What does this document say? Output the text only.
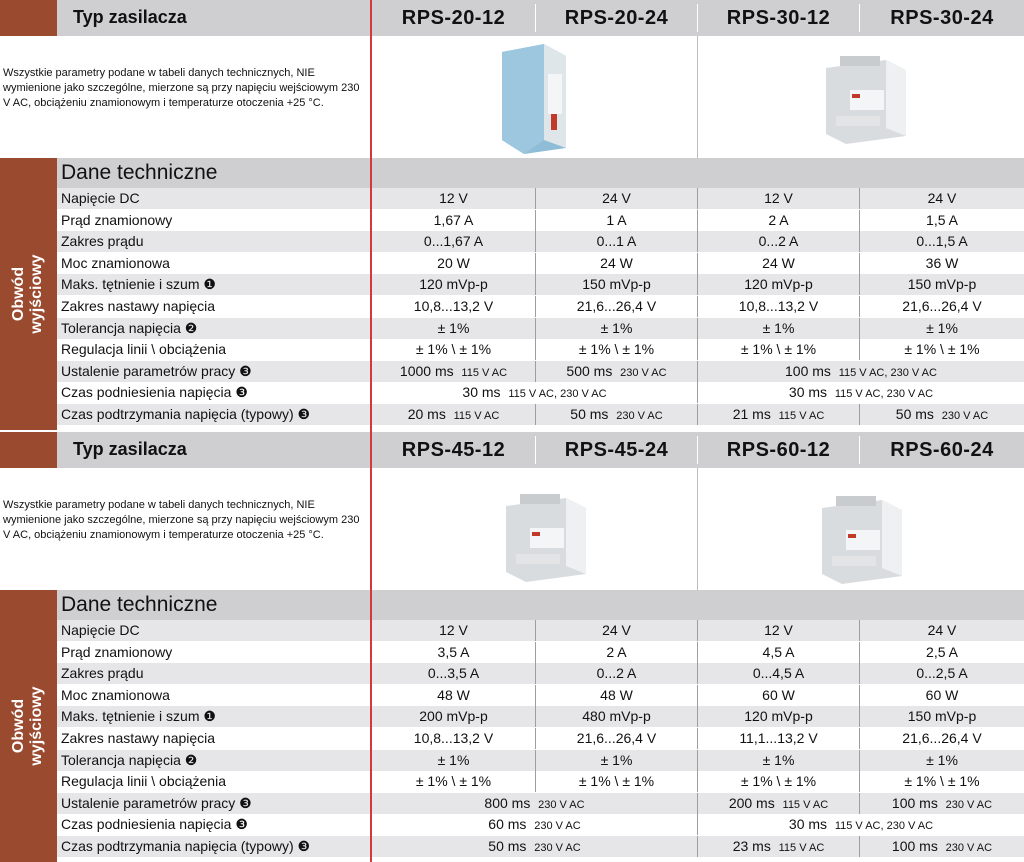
Typ zasilacza	RPS-20-12	RPS-20-24	RPS-30-12	RPS-30-24
Wszystkie parametry podane w tabeli danych technicznych, NIE wymienione jako szczególne, mierzone są przy napięciu wejściowym 230 V AC, obciążeniu znamionowym i temperaturze otoczenia +25 °C.
Obwód wyjściowy
Dane techniczne
Napięcie DC	12 V	24 V	12 V	24 V
Prąd znamionowy	1,67 A	1 A	2 A	1,5 A
Zakres prądu	0...1,67 A	0...1 A	0...2 A	0...1,5 A
Moc znamionowa	20 W	24 W	24 W	36 W
Maks. tętnienie i szum ❶	120 mVp-p	150 mVp-p	120 mVp-p	150 mVp-p
Zakres nastawy napięcia	10,8...13,2 V	21,6...26,4 V	10,8...13,2 V	21,6...26,4 V
Tolerancja napięcia ❷	± 1%	± 1%	± 1%	± 1%
Regulacja linii \ obciążenia	± 1% \ ± 1%	± 1% \ ± 1%	± 1% \ ± 1%	± 1% \ ± 1%
Ustalenie parametrów pracy ❸	1000 ms 115 V AC	500 ms 230 V AC	100 ms 115 V AC, 230 V AC
Czas podniesienia napięcia ❸	30 ms 115 V AC, 230 V AC	30 ms 115 V AC, 230 V AC
Czas podtrzymania napięcia (typowy) ❸	20 ms 115 V AC	50 ms 230 V AC	21 ms 115 V AC	50 ms 230 V AC
Typ zasilacza	RPS-45-12	RPS-45-24	RPS-60-12	RPS-60-24
Wszystkie parametry podane w tabeli danych technicznych, NIE wymienione jako szczególne, mierzone są przy napięciu wejściowym 230 V AC, obciążeniu znamionowym i temperaturze otoczenia +25 °C.
Obwód wyjściowy
Dane techniczne
Napięcie DC	12 V	24 V	12 V	24 V
Prąd znamionowy	3,5 A	2 A	4,5 A	2,5 A
Zakres prądu	0...3,5 A	0...2 A	0...4,5 A	0...2,5 A
Moc znamionowa	48 W	48 W	60 W	60 W
Maks. tętnienie i szum ❶	200 mVp-p	480 mVp-p	120 mVp-p	150 mVp-p
Zakres nastawy napięcia	10,8...13,2 V	21,6...26,4 V	11,1...13,2 V	21,6...26,4 V
Tolerancja napięcia ❷	± 1%	± 1%	± 1%	± 1%
Regulacja linii \ obciążenia	± 1% \ ± 1%	± 1% \ ± 1%	± 1% \ ± 1%	± 1% \ ± 1%
Ustalenie parametrów pracy ❸	800 ms 230 V AC	200 ms 115 V AC	100 ms 230 V AC
Czas podniesienia napięcia ❸	60 ms 230 V AC	30 ms 115 V AC, 230 V AC
Czas podtrzymania napięcia (typowy) ❸	50 ms 230 V AC	23 ms 115 V AC	100 ms 230 V AC
